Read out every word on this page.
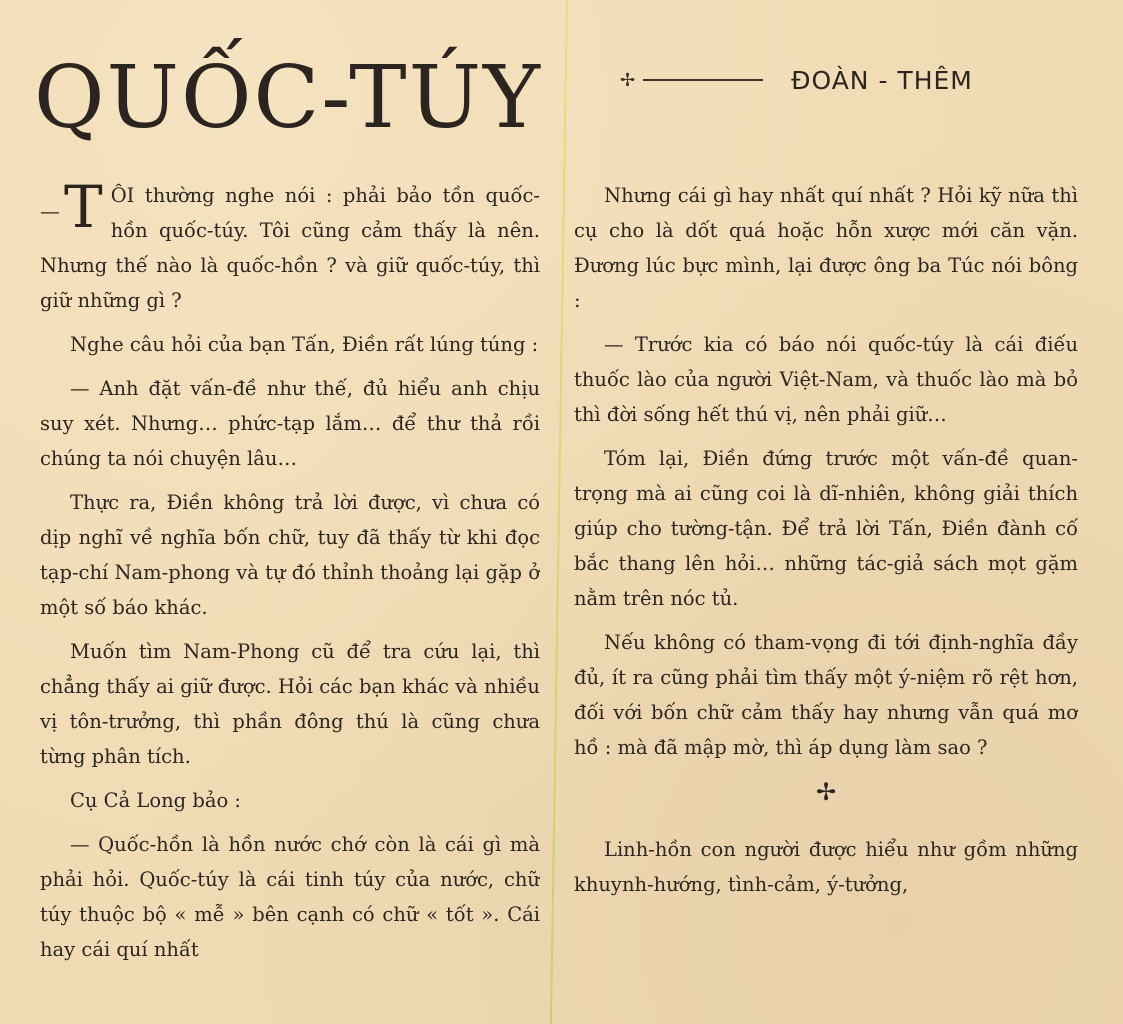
QUỐC-TÚY	✢	ĐOÀN - THÊM

— T ÔI thường nghe nói : phải bảo tồn quốc-hồn quốc-túy. Tôi cũng cảm thấy là nên. Nhưng thế nào là quốc-hồn ? và giữ quốc-túy, thì giữ những gì ?

Nghe câu hỏi của bạn Tấn, Điền rất lúng túng :

— Anh đặt vấn-đề như thế, đủ hiểu anh chịu suy xét. Nhưng… phức-tạp lắm… để thư thả rồi chúng ta nói chuyện lâu…

Thực ra, Điền không trả lời được, vì chưa có dịp nghĩ về nghĩa bốn chữ, tuy đã thấy từ khi đọc tạp-chí Nam-phong và tự đó thỉnh thoảng lại gặp ở một số báo khác.

Muốn tìm Nam-Phong cũ để tra cứu lại, thì chẳng thấy ai giữ được. Hỏi các bạn khác và nhiều vị tôn-trưởng, thì phần đông thú là cũng chưa từng phân tích.

Cụ Cả Long bảo :

— Quốc-hồn là hồn nước chớ còn là cái gì mà phải hỏi. Quốc-túy là cái tinh túy của nước, chữ túy thuộc bộ « mễ » bên cạnh có chữ « tốt ». Cái hay cái quí nhất

Nhưng cái gì hay nhất quí nhất ? Hỏi kỹ nữa thì cụ cho là dốt quá hoặc hỗn xược mới căn vặn. Đương lúc bực mình, lại được ông ba Túc nói bông :

— Trước kia có báo nói quốc-túy là cái điếu thuốc lào của người Việt-Nam, và thuốc lào mà bỏ thì đời sống hết thú vị, nên phải giữ…

Tóm lại, Điền đứng trước một vấn-đề quan-trọng mà ai cũng coi là dĩ-nhiên, không giải thích giúp cho tường-tận. Để trả lời Tấn, Điền đành cố bắc thang lên hỏi… những tác-giả sách mọt gặm nằm trên nóc tủ.

Nếu không có tham-vọng đi tới định-nghĩa đầy đủ, ít ra cũng phải tìm thấy một ý-niệm rõ rệt hơn, đối với bốn chữ cảm thấy hay nhưng vẫn quá mơ hồ : mà đã mập mờ, thì áp dụng làm sao ?

✢

Linh-hồn con người được hiểu như gồm những khuynh-hướng, tình-cảm, ý-tưởng,
